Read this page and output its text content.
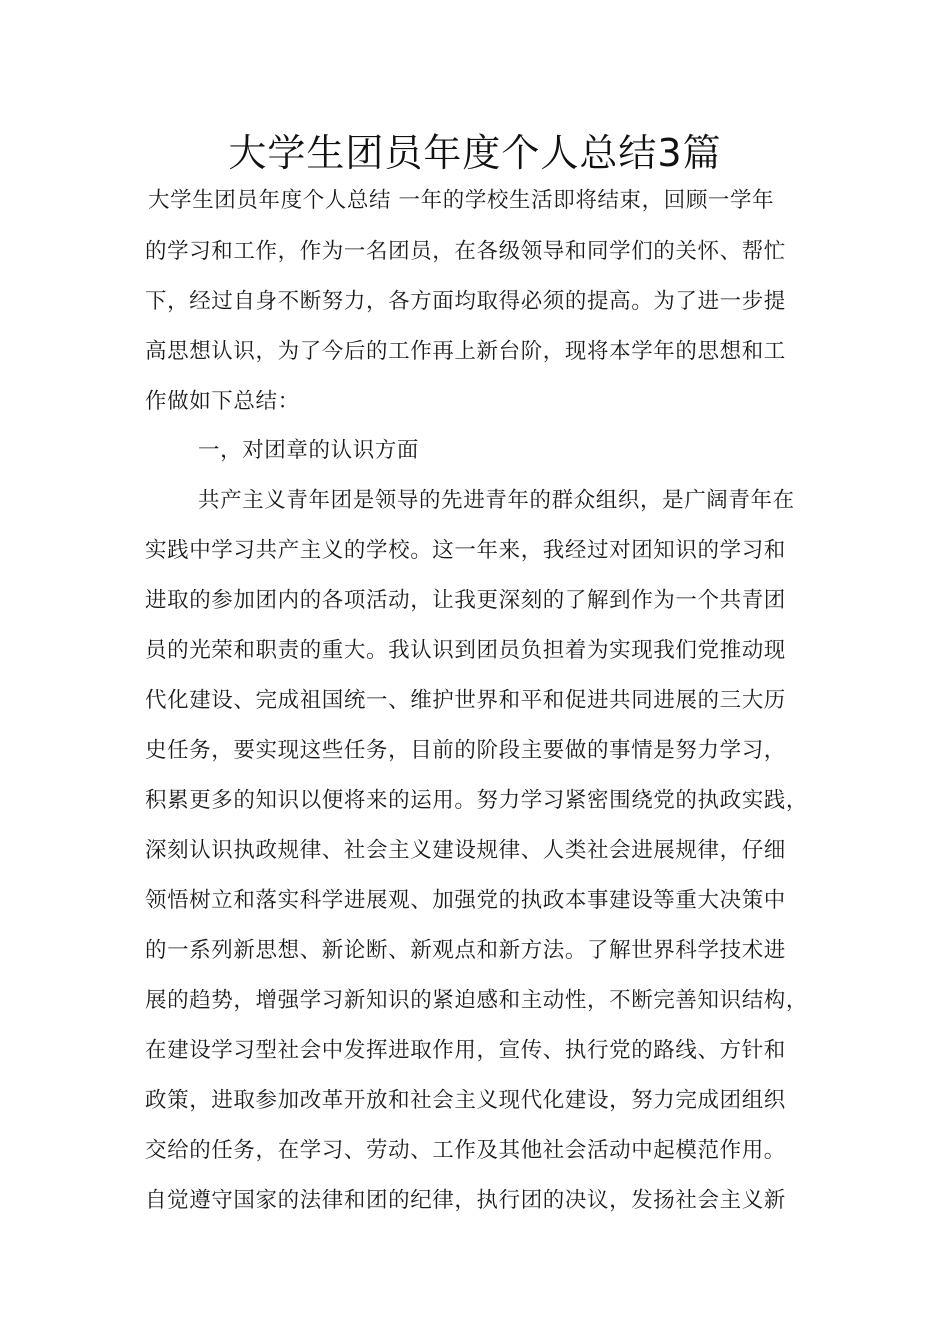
大学生团员年度个人总结3篇
大学生团员年度个人总结 一年的学校生活即将结束，回顾一学年
的学习和工作，作为一名团员，在各级领导和同学们的关怀、帮忙
下，经过自身不断努力，各方面均取得必须的提高。为了进一步提
高思想认识，为了今后的工作再上新台阶，现将本学年的思想和工
作做如下总结：
一，对团章的认识方面
共产主义青年团是领导的先进青年的群众组织，是广阔青年在
实践中学习共产主义的学校。这一年来，我经过对团知识的学习和
进取的参加团内的各项活动，让我更深刻的了解到作为一个共青团
员的光荣和职责的重大。我认识到团员负担着为实现我们党推动现
代化建设、完成祖国统一、维护世界和平和促进共同进展的三大历
史任务，要实现这些任务，目前的阶段主要做的事情是努力学习，
积累更多的知识以便将来的运用。努力学习紧密围绕党的执政实践，
深刻认识执政规律、社会主义建设规律、人类社会进展规律，仔细
领悟树立和落实科学进展观、加强党的执政本事建设等重大决策中
的一系列新思想、新论断、新观点和新方法。了解世界科学技术进
展的趋势，增强学习新知识的紧迫感和主动性，不断完善知识结构，
在建设学习型社会中发挥进取作用，宣传、执行党的路线、方针和
政策，进取参加改革开放和社会主义现代化建设，努力完成团组织
交给的任务，在学习、劳动、工作及其他社会活动中起模范作用。
自觉遵守国家的法律和团的纪律，执行团的决议，发扬社会主义新
